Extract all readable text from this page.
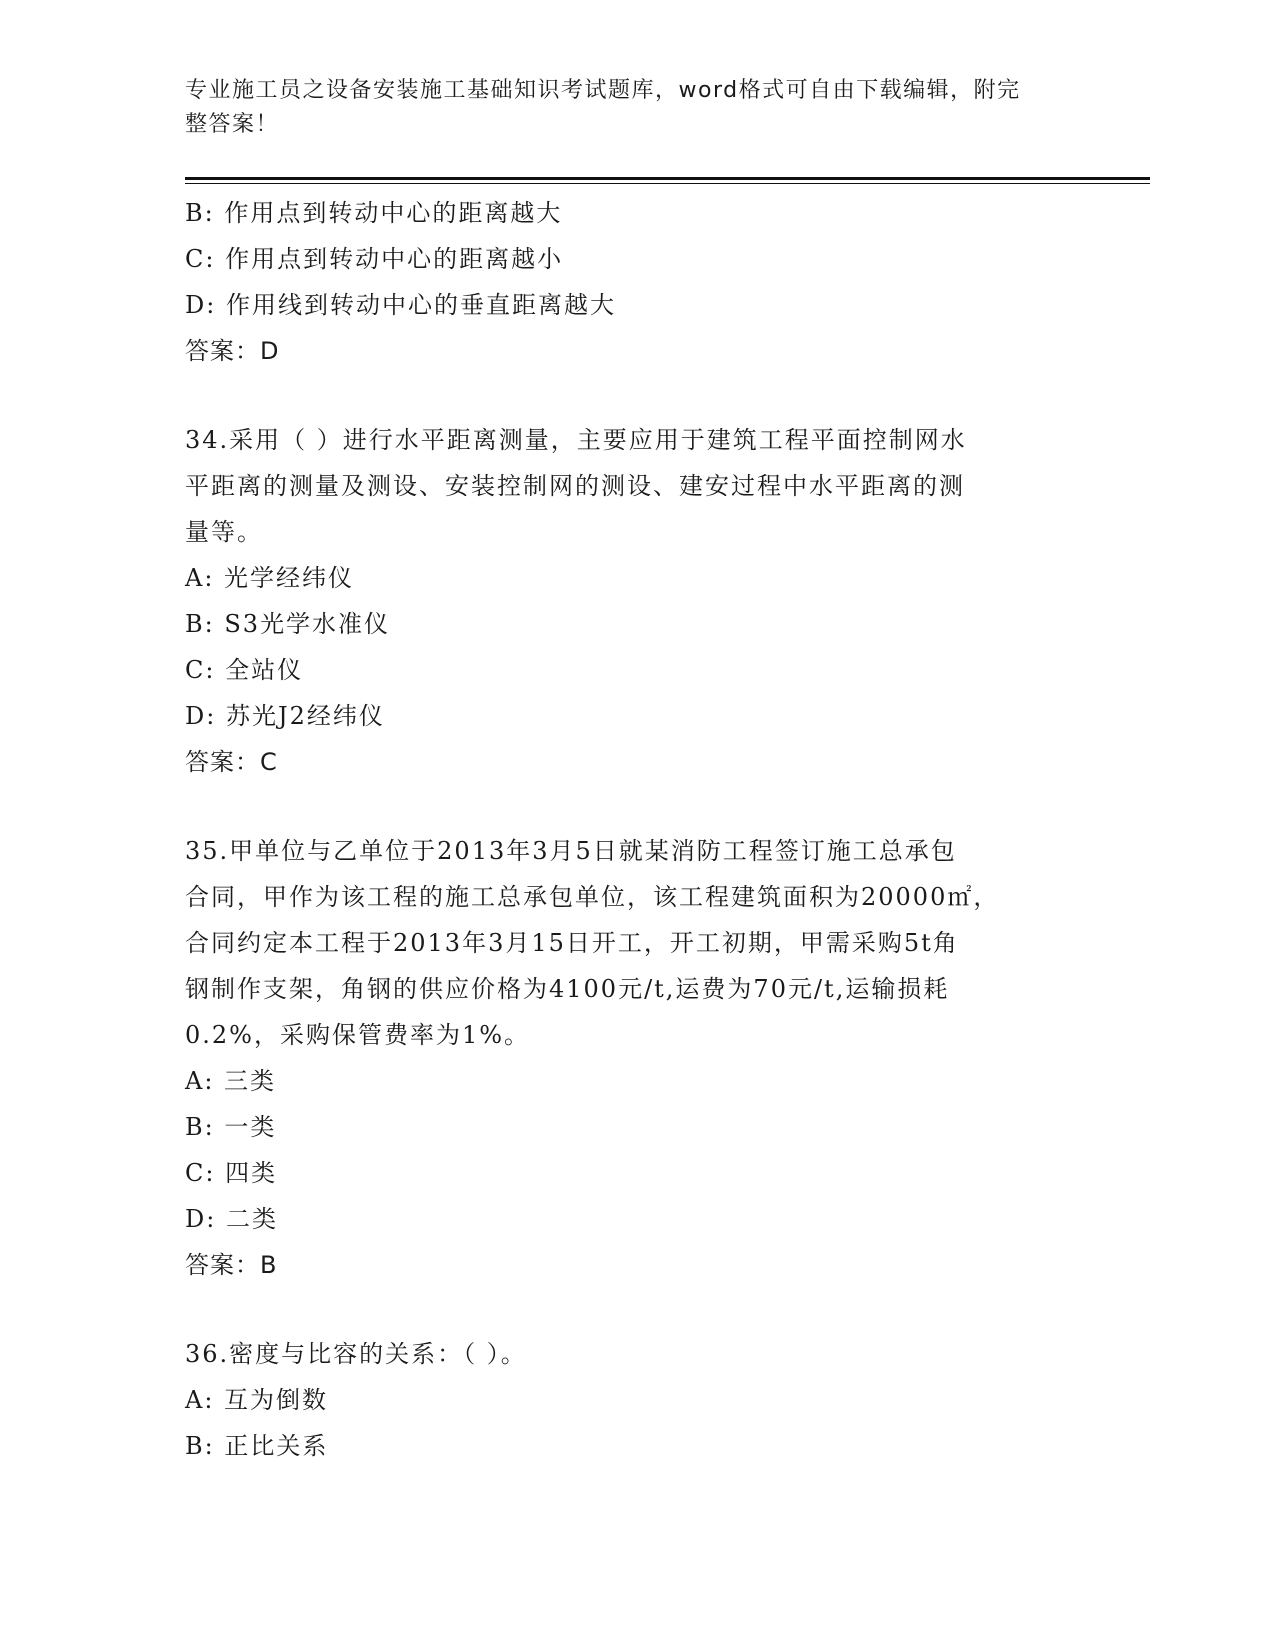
专业施工员之设备安装施工基础知识考试题库，word格式可自由下载编辑，附完
整答案！
B: 作用点到转动中心的距离越大
C: 作用点到转动中心的距离越小
D: 作用线到转动中心的垂直距离越大
答案：D
34.采用（ ）进行水平距离测量，主要应用于建筑工程平面控制网水
平距离的测量及测设、安装控制网的测设、建安过程中水平距离的测
量等。
A: 光学经纬仪
B: S3光学水准仪
C: 全站仪
D: 苏光J2经纬仪
答案：C
35.甲单位与乙单位于2013年3月5日就某消防工程签订施工总承包
合同，甲作为该工程的施工总承包单位，该工程建筑面积为20000㎡，
合同约定本工程于2013年3月15日开工，开工初期，甲需采购5t角
钢制作支架，角钢的供应价格为4100元/t,运费为70元/t,运输损耗
0.2%，采购保管费率为1%。
A: 三类
B: 一类
C: 四类
D: 二类
答案：B
36.密度与比容的关系：（ ）。
A: 互为倒数
B: 正比关系
